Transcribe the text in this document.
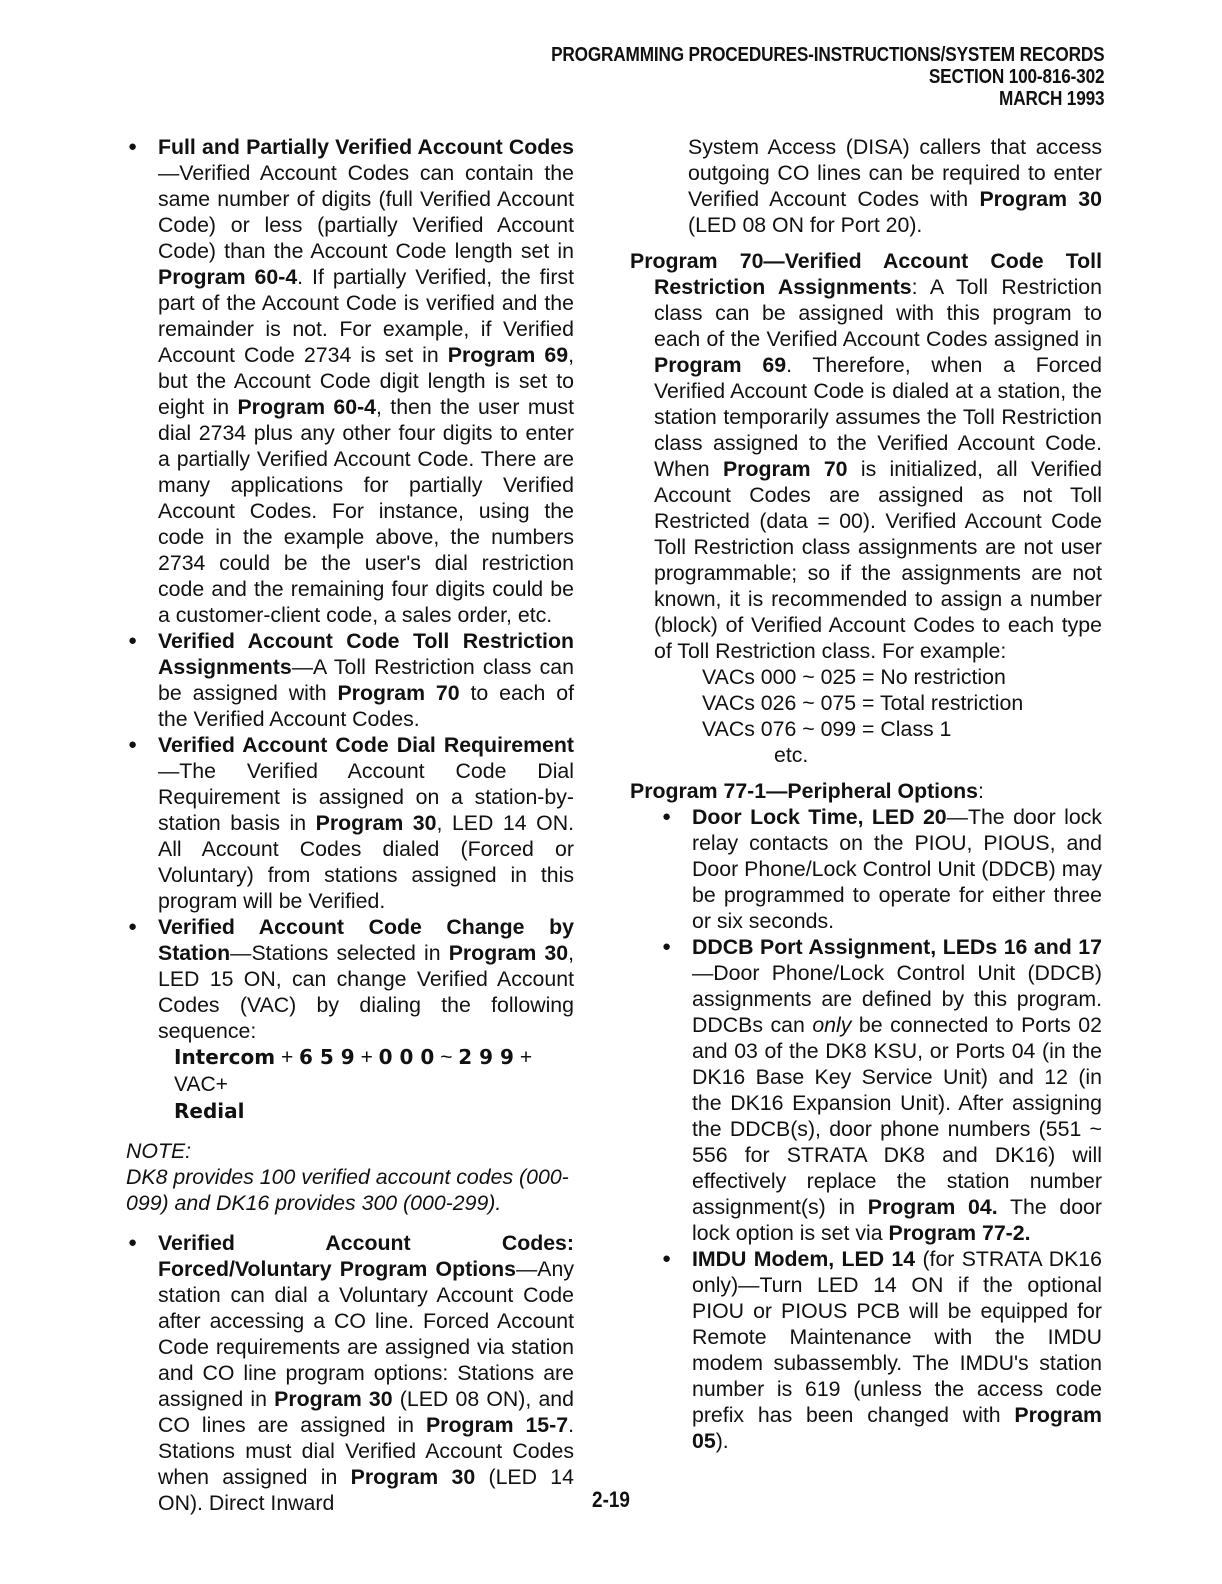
PROGRAMMING PROCEDURES-INSTRUCTIONS/SYSTEM RECORDS
SECTION 100-816-302
MARCH 1993
● Full and Partially Verified Account Codes—Verified Account Codes can contain the same number of digits (full Verified Account Code) or less (partially Verified Account Code) than the Account Code length set in Program 60-4. If partially Verified, the first part of the Account Code is verified and the remainder is not. For example, if Verified Account Code 2734 is set in Program 69, but the Account Code digit length is set to eight in Program 60-4, then the user must dial 2734 plus any other four digits to enter a partially Verified Account Code. There are many applications for partially Verified Account Codes. For instance, using the code in the example above, the numbers 2734 could be the user's dial restriction code and the remaining four digits could be a customer-client code, a sales order, etc.
● Verified Account Code Toll Restriction Assignments—A Toll Restriction class can be assigned with Program 70 to each of the Verified Account Codes.
● Verified Account Code Dial Requirement—The Verified Account Code Dial Requirement is assigned on a station-by-station basis in Program 30, LED 14 ON. All Account Codes dialed (Forced or Voluntary) from stations assigned in this program will be Verified.
● Verified Account Code Change by Station—Stations selected in Program 30, LED 15 ON, can change Verified Account Codes (VAC) by dialing the following sequence:
Intercom + 6 5 9 + 0 0 0 ~ 2 9 9 + VAC+
Redial
NOTE:
DK8 provides 100 verified account codes (000-099) and DK16 provides 300 (000-299).
● Verified Account Codes: Forced/Voluntary Program Options—Any station can dial a Voluntary Account Code after accessing a CO line. Forced Account Code requirements are assigned via station and CO line program options: Stations are assigned in Program 30 (LED 08 ON), and CO lines are assigned in Program 15-7. Stations must dial Verified Account Codes when assigned in Program 30 (LED 14 ON). Direct Inward
System Access (DISA) callers that access outgoing CO lines can be required to enter Verified Account Codes with Program 30 (LED 08 ON for Port 20).
Program 70—Verified Account Code Toll Restriction Assignments: A Toll Restriction class can be assigned with this program to each of the Verified Account Codes assigned in Program 69. Therefore, when a Forced Verified Account Code is dialed at a station, the station temporarily assumes the Toll Restriction class assigned to the Verified Account Code. When Program 70 is initialized, all Verified Account Codes are assigned as not Toll Restricted (data = 00). Verified Account Code Toll Restriction class assignments are not user programmable; so if the assignments are not known, it is recommended to assign a number (block) of Verified Account Codes to each type of Toll Restriction class. For example:
VACs 000 ~ 025 = No restriction
VACs 026 ~ 075 = Total restriction
VACs 076 ~ 099 = Class 1
etc.
Program 77-1—Peripheral Options:
● Door Lock Time, LED 20—The door lock relay contacts on the PIOU, PIOUS, and Door Phone/Lock Control Unit (DDCB) may be programmed to operate for either three or six seconds.
● DDCB Port Assignment, LEDs 16 and 17—Door Phone/Lock Control Unit (DDCB) assignments are defined by this program. DDCBs can only be connected to Ports 02 and 03 of the DK8 KSU, or Ports 04 (in the DK16 Base Key Service Unit) and 12 (in the DK16 Expansion Unit). After assigning the DDCB(s), door phone numbers (551 ~ 556 for STRATA DK8 and DK16) will effectively replace the station number assignment(s) in Program 04. The door lock option is set via Program 77-2.
● IMDU Modem, LED 14 (for STRATA DK16 only)—Turn LED 14 ON if the optional PIOU or PIOUS PCB will be equipped for Remote Maintenance with the IMDU modem subassembly. The IMDU's station number is 619 (unless the access code prefix has been changed with Program 05).
2-19
